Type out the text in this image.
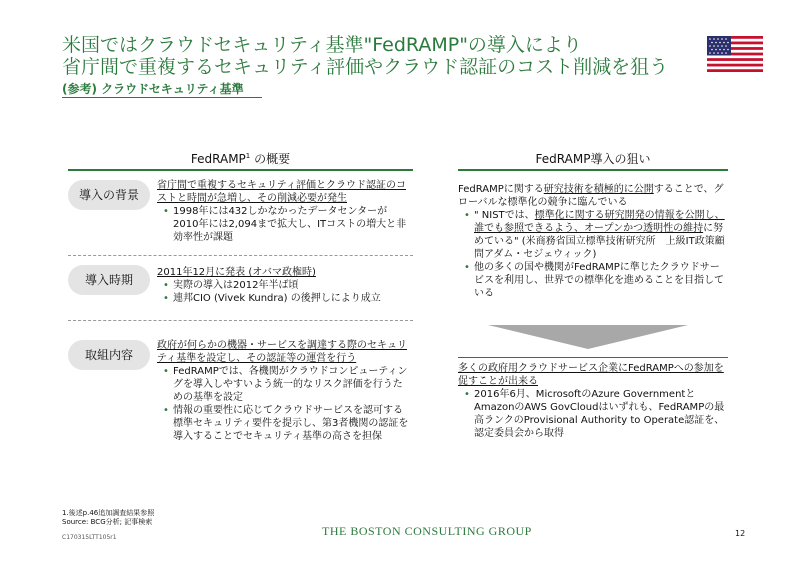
米国ではクラウドセキュリティ基準"FedRAMP"の導入により
省庁間で重複するセキュリティ評価やクラウド認証のコスト削減を狙う
(参考) クラウドセキュリティ基準
FedRAMP$^1$ の概要	FedRAMP導入の狙い
導入の背景
省庁間で重複するセキュリティ評価とクラウド認証のコストと時間が急増し、その削減必要が発生
• 1998年には432しかなかったデータセンターが2010年には2,094まで拡大し、ITコストの増大と非効率性が課題
導入時期
2011年12月に発表 (オバマ政権時)
• 実際の導入は2012年半ば頃
• 連邦CIO (Vivek Kundra) の後押しにより成立
取組内容
政府が何らかの機器・サービスを調達する際のセキュリティ基準を設定し、その認証等の運営を行う
• FedRAMPでは、各機関がクラウドコンピューティングを導入しやすいよう統一的なリスク評価を行うための基準を設定
• 情報の重要性に応じてクラウドサービスを認可する標準セキュリティ要件を提示し、第3者機関の認証を導入することでセキュリティ基準の高さを担保
FedRAMPに関する研究技術を積極的に公開することで、グローバルな標準化の競争に臨んでいる
• " NISTでは、標準化に関する研究開発の情報を公開し、誰でも参照できるよう、オープンかつ透明性の維持に努めている" (米商務省国立標準技術研究所　上級IT政策顧問アダム・セジェウィック)
• 他の多くの国や機関がFedRAMPに準じたクラウドサービスを利用し、世界での標準化を進めることを目指している
多くの政府用クラウドサービス企業にFedRAMPへの参加を促すことが出来る
• 2016年6月、MicrosoftのAzure GovernmentとAmazonのAWS GovCloudはいずれも、FedRAMPの最高ランクのProvisional Authority to Operate認証を、認定委員会から取得
1.後述p.46追加調査結果参照
Source: BCG分析; 記事検索
C170315LTT105r1	THE BOSTON CONSULTING GROUP	12
